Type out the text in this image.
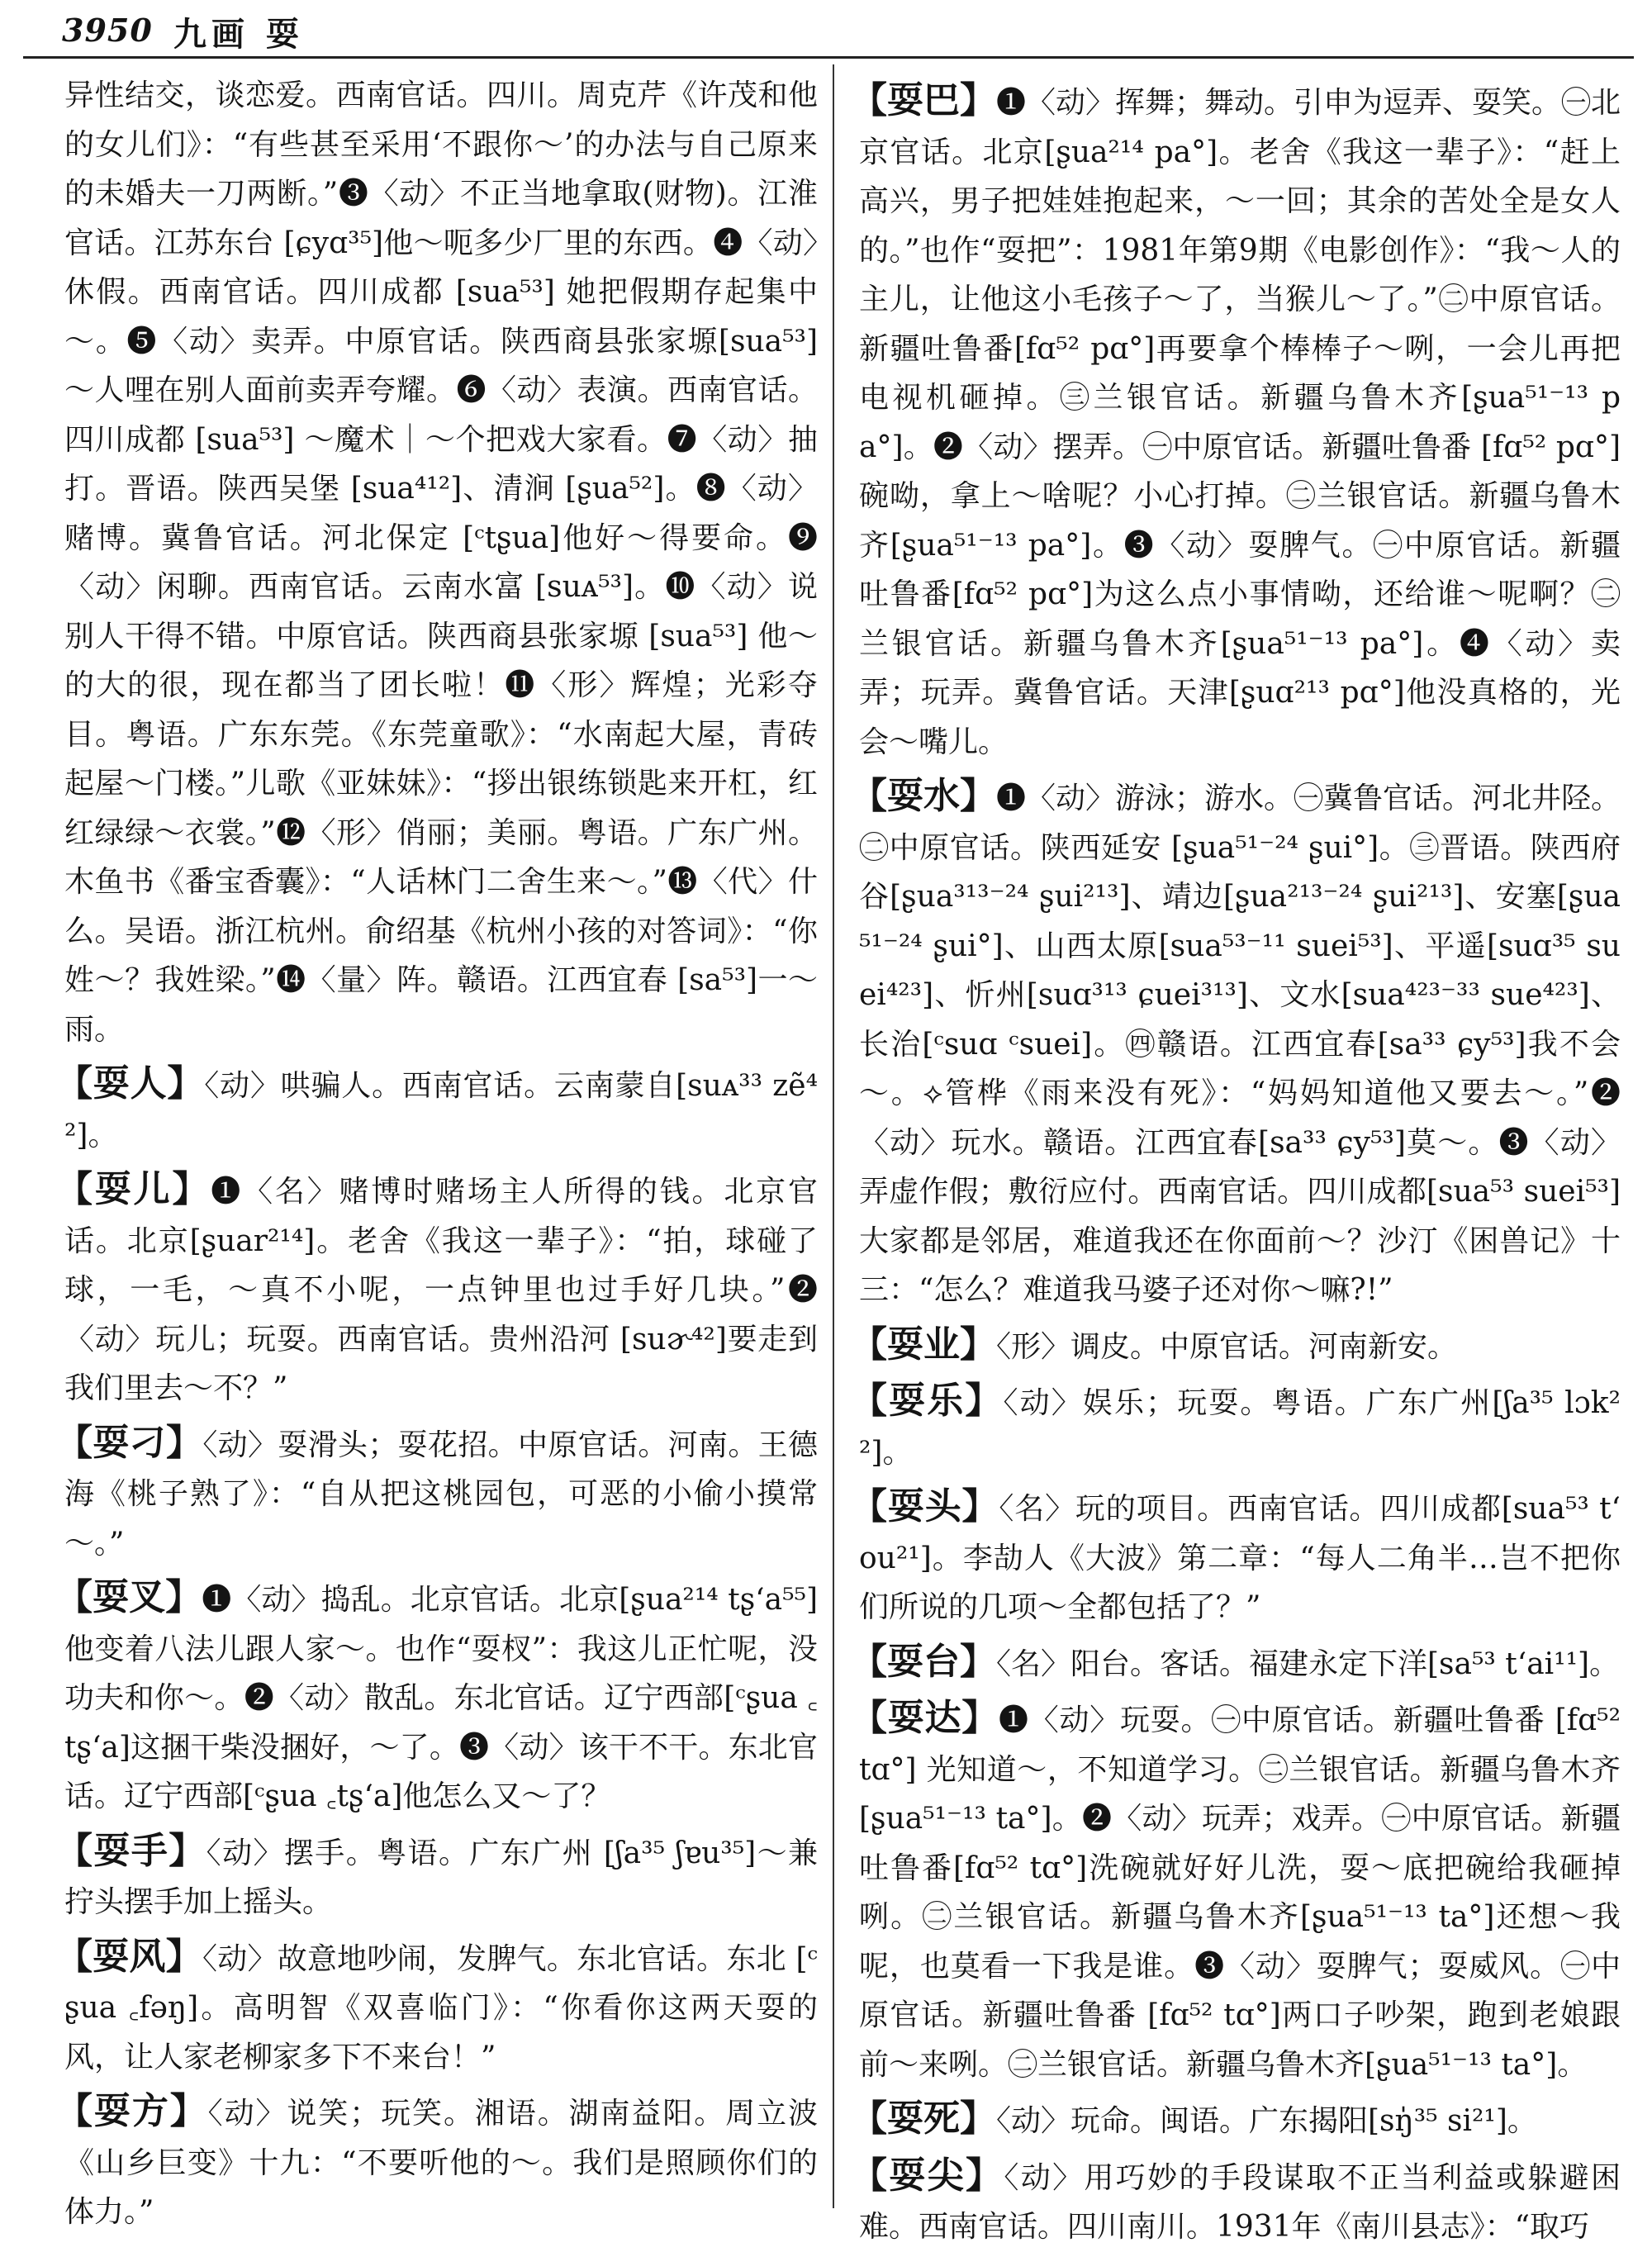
3950 九画 耍

异性结交，谈恋爱。西南官话。四川。周克芹《许茂和他的女儿们》：“有些甚至采用‘不跟你～’的办法与自己原来的未婚夫一刀两断。”❸〈动〉不正当地拿取(财物)。江淮官话。江苏东台 [ɕyɑ³⁵]他～呃多少厂里的东西。❹〈动〉休假。西南官话。四川成都 [sua⁵³] 她把假期存起集中～。❺〈动〉卖弄。中原官话。陕西商县张家塬[sua⁵³]～人哩在别人面前卖弄夸耀。❻〈动〉表演。西南官话。四川成都 [sua⁵³] ～魔术｜～个把戏大家看。❼〈动〉抽打。晋语。陕西吴堡 [sua⁴¹²]、清涧 [ʂua⁵²]。❽〈动〉赌博。冀鲁官话。河北保定 [ᶜtʂua]他好～得要命。❾〈动〉闲聊。西南官话。云南水富 [suᴀ⁵³]。❿〈动〉说别人干得不错。中原官话。陕西商县张家塬 [sua⁵³] 他～的大的很，现在都当了团长啦！⓫〈形〉辉煌；光彩夺目。粤语。广东东莞。《东莞童歌》：“水南起大屋，青砖起屋～门楼。”儿歌《亚妹妹》：“拶出银练锁匙来开杠，红红绿绿～衣裳。”⓬〈形〉俏丽；美丽。粤语。广东广州。木鱼书《番宝香囊》：“人话林门二舍生来～。”⓭〈代〉什么。吴语。浙江杭州。俞绍基《杭州小孩的对答词》：“你姓～？我姓梁。”⓮〈量〉阵。赣语。江西宜春 [sa⁵³]一～雨。

【耍人】〈动〉哄骗人。西南官话。云南蒙自[suᴀ³³ zẽ⁴²]。

【耍儿】❶〈名〉赌博时赌场主人所得的钱。北京官话。北京[ʂuar²¹⁴]。老舍《我这一辈子》：“拍，球碰了球，一毛，～真不小呢，一点钟里也过手好几块。”❷〈动〉玩儿；玩耍。西南官话。贵州沿河 [suɚ⁴²]要走到我们里去～不？”

【耍刁】〈动〉耍滑头；耍花招。中原官话。河南。王德海《桃子熟了》：“自从把这桃园包，可恶的小偷小摸常～。”

【耍叉】❶〈动〉捣乱。北京官话。北京[ʂua²¹⁴ tʂʻa⁵⁵] 他变着八法儿跟人家～。也作“耍杈”：我这儿正忙呢，没功夫和你～。❷〈动〉散乱。东北官话。辽宁西部[ᶜʂua ꜀tʂʻa]这捆干柴没捆好，～了。❸〈动〉该干不干。东北官话。辽宁西部[ᶜʂua ꜀tʂʻa]他怎么又～了？

【耍手】〈动〉摆手。粤语。广东广州 [ʃa³⁵ ʃɐu³⁵]～兼拧头摆手加上摇头。

【耍风】〈动〉故意地吵闹，发脾气。东北官话。东北 [ᶜʂua ꜀fəŋ]。高明智《双喜临门》：“你看你这两天耍的风，让人家老柳家多下不来台！”

【耍方】〈动〉说笑；玩笑。湘语。湖南益阳。周立波《山乡巨变》十九：“不要听他的～。我们是照顾你们的体力。”

【耍巴】❶〈动〉挥舞；舞动。引申为逗弄、耍笑。㊀北京官话。北京[ʂua²¹⁴ pa°]。老舍《我这一辈子》：“赶上高兴，男子把娃娃抱起来，～一回；其余的苦处全是女人的。”也作“耍把”：1981年第9期《电影创作》：“我～人的主儿，让他这小毛孩子～了，当猴儿～了。”㊁中原官话。新疆吐鲁番[fɑ⁵² pɑ°]再要拿个棒棒子～咧，一会儿再把电视机砸掉。㊂兰银官话。新疆乌鲁木齐[ʂua⁵¹⁻¹³ pa°]。❷〈动〉摆弄。㊀中原官话。新疆吐鲁番 [fɑ⁵² pɑ°]碗呦，拿上～啥呢？小心打掉。㊁兰银官话。新疆乌鲁木齐[ʂua⁵¹⁻¹³ pa°]。❸〈动〉耍脾气。㊀中原官话。新疆吐鲁番[fɑ⁵² pɑ°]为这么点小事情呦，还给谁～呢啊？㊁兰银官话。新疆乌鲁木齐[ʂua⁵¹⁻¹³ pa°]。❹〈动〉卖弄；玩弄。冀鲁官话。天津[ʂuɑ²¹³ pɑ°]他没真格的，光会～嘴儿。

【耍水】❶〈动〉游泳；游水。㊀冀鲁官话。河北井陉。㊁中原官话。陕西延安 [ʂua⁵¹⁻²⁴ ʂui°]。㊂晋语。陕西府谷[ʂua³¹³⁻²⁴ ʂui²¹³]、靖边[ʂua²¹³⁻²⁴ ʂui²¹³]、安塞[ʂua⁵¹⁻²⁴ ʂui°]、山西太原[sua⁵³⁻¹¹ suei⁵³]、平遥[suɑ³⁵ suei⁴²³]、忻州[suɑ³¹³ ɕuei³¹³]、文水[sua⁴²³⁻³³ sue⁴²³]、长治[ᶜsuɑ ᶜsuei]。㊃赣语。江西宜春[sa³³ ɕy⁵³]我不会～。⟡管桦《雨来没有死》：“妈妈知道他又要去～。”❷〈动〉玩水。赣语。江西宜春[sa³³ ɕy⁵³]莫～。❸〈动〉弄虚作假；敷衍应付。西南官话。四川成都[sua⁵³ suei⁵³]大家都是邻居，难道我还在你面前～？沙汀《困兽记》十三：“怎么？难道我马婆子还对你～嘛?!”

【耍业】〈形〉调皮。中原官话。河南新安。

【耍乐】〈动〉娱乐；玩耍。粤语。广东广州[ʃa³⁵ lɔk²²]。

【耍头】〈名〉玩的项目。西南官话。四川成都[sua⁵³ tʻou²¹]。李劼人《大波》第二章：“每人二角半…岂不把你们所说的几项～全都包括了？”

【耍台】〈名〉阳台。客话。福建永定下洋[sa⁵³ tʻai¹¹]。

【耍达】❶〈动〉玩耍。㊀中原官话。新疆吐鲁番 [fɑ⁵² tɑ°] 光知道～，不知道学习。㊁兰银官话。新疆乌鲁木齐 [ʂua⁵¹⁻¹³ ta°]。❷〈动〉玩弄；戏弄。㊀中原官话。新疆吐鲁番[fɑ⁵² tɑ°]洗碗就好好儿洗，耍～底把碗给我砸掉咧。㊁兰银官话。新疆乌鲁木齐[ʂua⁵¹⁻¹³ ta°]还想～我呢，也莫看一下我是谁。❸〈动〉耍脾气；耍威风。㊀中原官话。新疆吐鲁番 [fɑ⁵² tɑ°]两口子吵架，跑到老娘跟前～来咧。㊁兰银官话。新疆乌鲁木齐[ʂua⁵¹⁻¹³ ta°]。

【耍死】〈动〉玩命。闽语。广东揭阳[sŋ̍³⁵ si²¹]。

【耍尖】〈动〉用巧妙的手段谋取不正当利益或躲避困难。西南官话。四川南川。1931年《南川县志》：“取巧
